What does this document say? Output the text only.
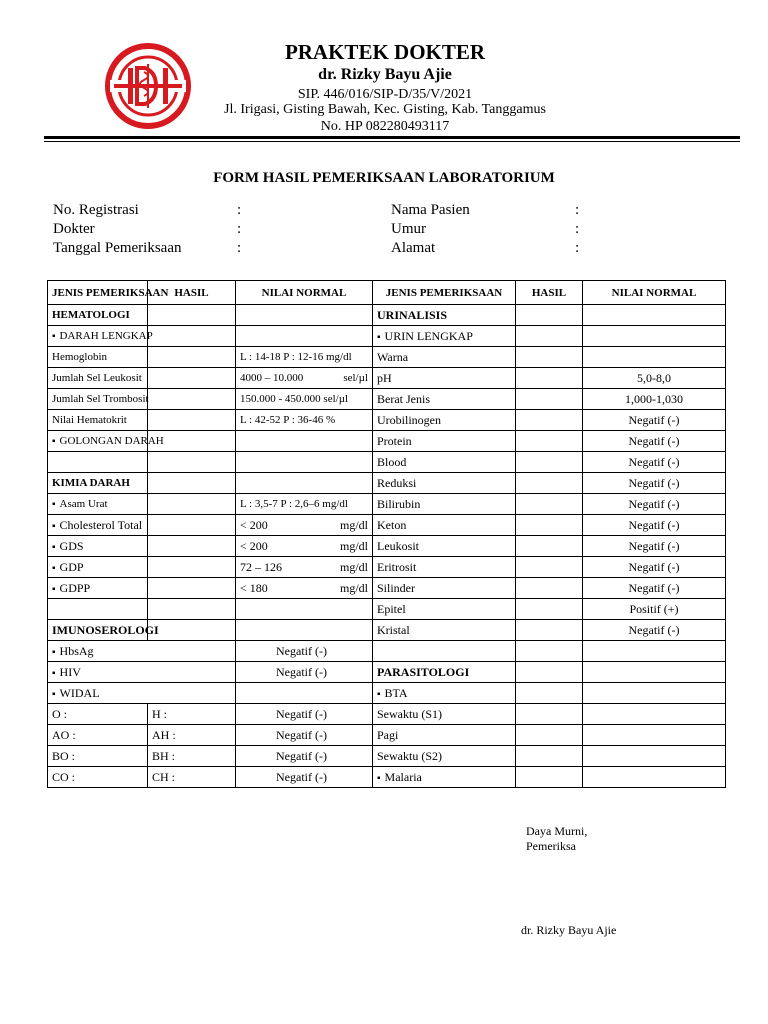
PRAKTEK DOKTER
dr. Rizky Bayu Ajie
SIP. 446/016/SIP-D/35/V/2021
Jl. Irigasi, Gisting Bawah, Kec. Gisting, Kab. Tanggamus
No. HP 082280493117
FORM HASIL PEMERIKSAAN LABORATORIUM
No. Registrasi	:
Dokter	:
Tanggal Pemeriksaan	:
Nama Pasien	:
Umur	:
Alamat	:
JENIS PEMERIKSAAN	HASIL	NILAI NORMAL	JENIS PEMERIKSAAN	HASIL	NILAI NORMAL
HEMATOLOGI			URINALISIS		
▪ DARAH LENGKAP			▪ URIN LENGKAP		
Hemoglobin		L : 14-18 P : 12-16 mg/dl	Warna		
Jumlah Sel Leukosit		4000 – 10.000 sel/µl	pH		5,0-8,0
Jumlah Sel Trombosit		150.000 - 450.000 sel/µl	Berat Jenis		1,000-1,030
Nilai Hematokrit		L : 42-52 P : 36-46 %	Urobilinogen		Negatif (-)
▪ GOLONGAN DARAH			Protein		Negatif (-)
			Blood		Negatif (-)
KIMIA DARAH			Reduksi		Negatif (-)
▪ Asam Urat		L : 3,5-7 P : 2,6–6 mg/dl	Bilirubin		Negatif (-)
▪ Cholesterol Total		< 200 mg/dl	Keton		Negatif (-)
▪ GDS		< 200 mg/dl	Leukosit		Negatif (-)
▪ GDP		72 – 126 mg/dl	Eritrosit		Negatif (-)
▪ GDPP		< 180 mg/dl	Silinder		Negatif (-)
			Epitel		Positif (+)
IMUNOSEROLOGI			Kristal		Negatif (-)
▪ HbsAg		Negatif (-)			
▪ HIV		Negatif (-)	PARASITOLOGI		
▪ WIDAL			▪ BTA		
O :	H :	Negatif (-)	Sewaktu (S1)		
AO :	AH :	Negatif (-)	Pagi		
BO :	BH :	Negatif (-)	Sewaktu (S2)		
CO :	CH :	Negatif (-)	▪ Malaria		
Daya Murni,
Pemeriksa
dr. Rizky Bayu Ajie
